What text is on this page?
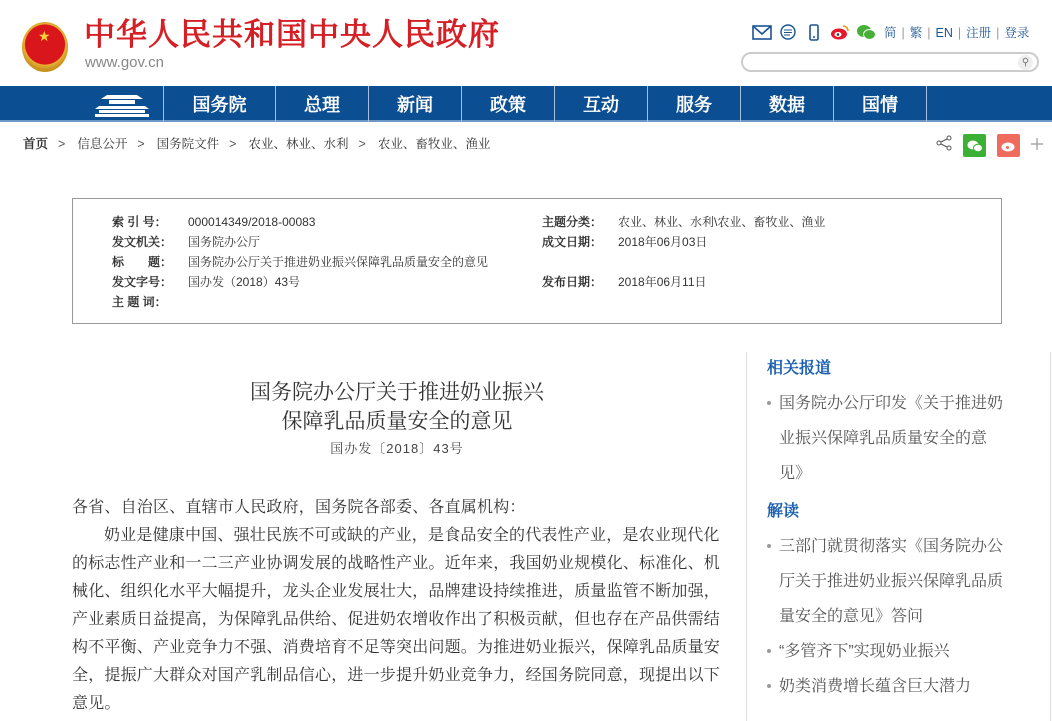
★ 中华人民共和国中央人民政府
www.gov.cn
简 | 繁 | EN | 注册 | 登录
⚲
国务院	总理	新闻	政策	互动	服务	数据	国情
首页 > 信息公开 > 国务院文件 > 农业、林业、水利 > 农业、畜牧业、渔业
索 引 号：	000014349/2018-00083
发文机关：	国务院办公厅
标　　题：	国务院办公厅关于推进奶业振兴保障乳品质量安全的意见
发文字号：	国办发（2018）43号
主 题 词：
主题分类：	农业、林业、水利\农业、畜牧业、渔业
成文日期：	2018年06月03日
发布日期：	2018年06月11日
国务院办公厅关于推进奶业振兴
保障乳品质量安全的意见
国办发〔2018〕43号

各省、自治区、直辖市人民政府，国务院各部委、各直属机构：

奶业是健康中国、强壮民族不可或缺的产业，是食品安全的代表性产业，是农业现代化的标志性产业和一二三产业协调发展的战略性产业。近年来，我国奶业规模化、标准化、机械化、组织化水平大幅提升，龙头企业发展壮大，品牌建设持续推进，质量监管不断加强，产业素质日益提高，为保障乳品供给、促进奶农增收作出了积极贡献，但也存在产品供需结构不平衡、产业竞争力不强、消费培育不足等突出问题。为推进奶业振兴，保障乳品质量安全，提振广大群众对国产乳制品信心，进一步提升奶业竞争力，经国务院同意，现提出以下意见。

相关报道
国务院办公厅印发《关于推进奶业振兴保障乳品质量安全的意见》
解读
三部门就贯彻落实《国务院办公厅关于推进奶业振兴保障乳品质量安全的意见》答问
“多管齐下”实现奶业振兴
奶类消费增长蕴含巨大潜力
